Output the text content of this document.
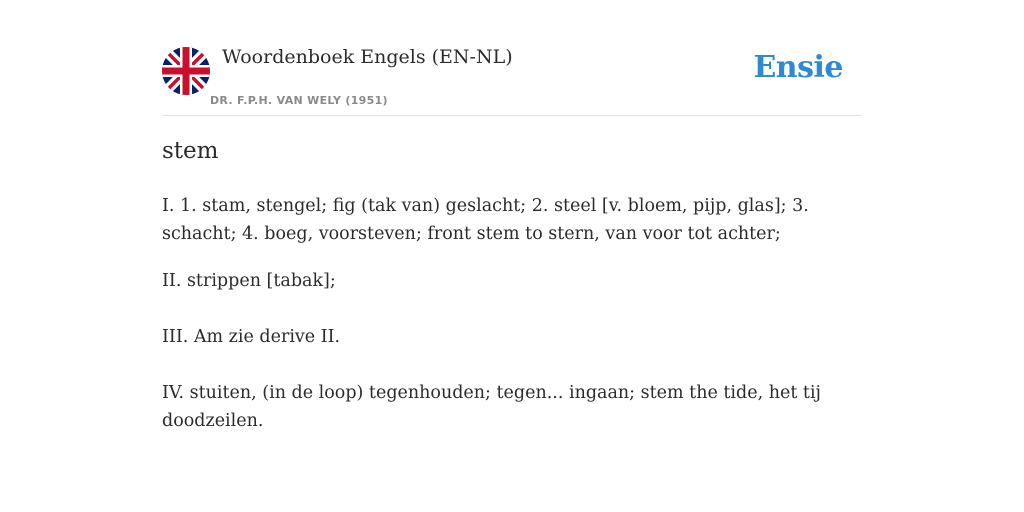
Woordenboek Engels (EN-NL)
DR. F.P.H. VAN WELY (1951)
Ensie
stem

I. 1. stam, stengel; fig (tak van) geslacht; 2. steel [v. bloem, pijp, glas]; 3. schacht; 4. boeg, voorsteven; front stem to stern, van voor tot achter;

II. strippen [tabak];

III. Am zie derive II.

IV. stuiten, (in de loop) tegenhouden; tegen... ingaan; stem the tide, het tij doodzeilen.
